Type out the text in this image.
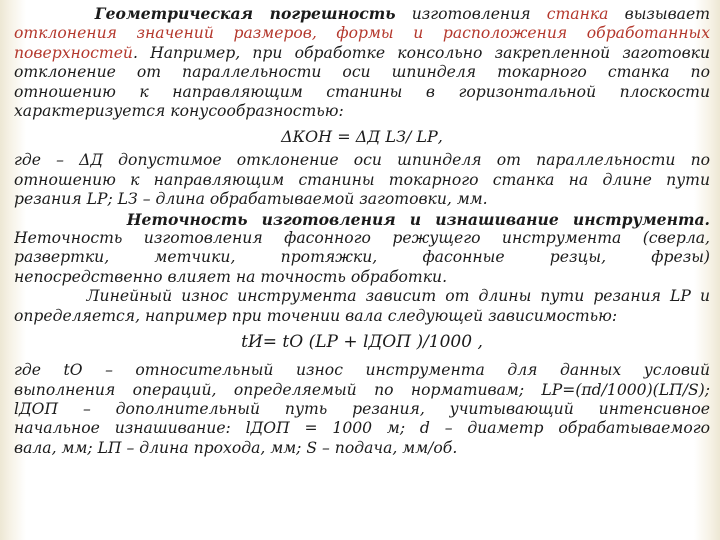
Геометрическая погрешность изготовления станка вызывает
отклонения значений размеров, формы и расположения обработанных
поверхностей. Например, при обработке консольно закрепленной заготовки
отклонение от параллельности оси шпинделя токарного станка по
отношению к направляющим станины в горизонтальной плоскости
характеризуется конусообразностью:
ΔКОН = ΔД LЗ/ LР,
где – ΔД допустимое отклонение оси шпинделя от параллельности по
отношению к направляющим станины токарного станка на длине пути
резания LР; LЗ – длина обрабатываемой заготовки, мм.
Неточность изготовления и изнашивание инструмента.
Неточность изготовления фасонного режущего инструмента (сверла,
развертки, метчики, протяжки, фасонные резцы, фрезы)
непосредственно влияет на точность обработки.
Линейный износ инструмента зависит от длины пути резания LР и
определяется, например при точении вала следующей зависимостью:
tИ= tО (LР + lДОП )/1000 ,
где tО – относительный износ инструмента для данных условий
выполнения операций, определяемый по нормативам; LР=(πd/1000)(LП/S);
lДОП – дополнительный путь резания, учитывающий интенсивное
начальное изнашивание: lДОП = 1000 м; d – диаметр обрабатываемого
вала, мм; LП – длина прохода, мм; S – подача, мм/об.
